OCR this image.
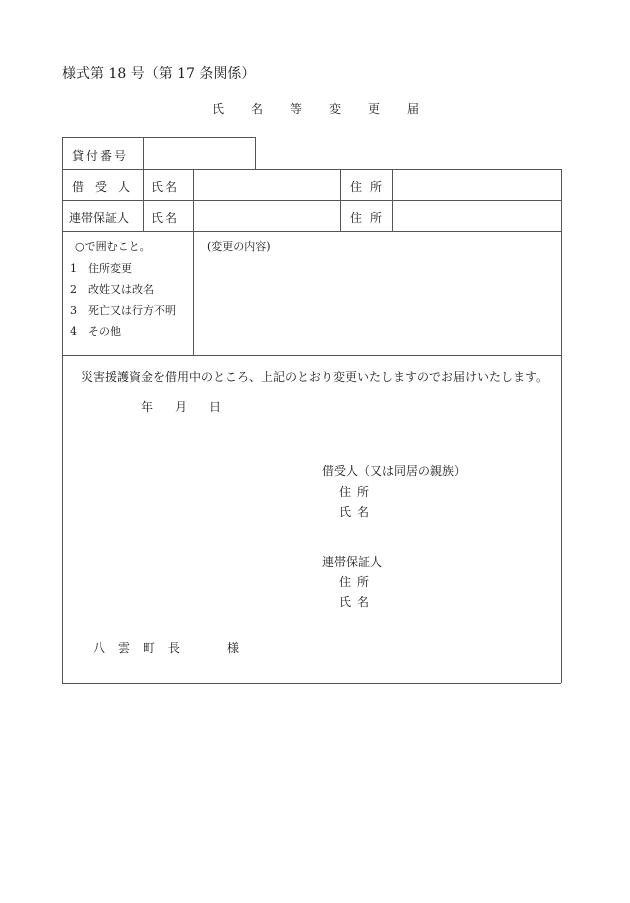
様式第 18 号（第 17 条関係）
氏名等変更届
貸付番号
借受人 氏名	住所
連帯保証人 氏名	住所
○で囲むこと。
1　住所変更
2　改姓又は改名
3　死亡又は行方不明
4　その他
(変更の内容)
災害援護資金を借用中のところ、上記のとおり変更いたしますのでお届けいたします。
年 月 日
借受人（又は同居の親族）
住所
氏名
連帯保証人
住所
氏名
八雲町長	様
